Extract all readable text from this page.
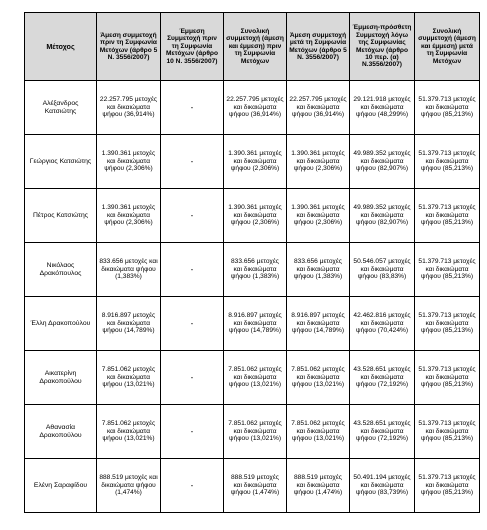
Μέτοχος	Άμεση συμμετοχή πριν τη Συμφωνία Μετόχων (άρθρο 5 Ν. 3556/2007)	Έμμεση Συμμετοχή πριν τη Συμφωνία Μετόχων (άρθρο 10 Ν. 3556/2007)	Συνολική συμμετοχή (άμεση και έμμεση) πριν τη Συμφωνία Μετόχων	Άμεση συμμετοχή μετά τη Συμφωνία Μετόχων (άρθρο 5 Ν. 3556/2007)	Έμμεση-πρόσθετη Συμμετοχή λόγω της Συμφωνίας Μετόχων (άρθρο 10 περ. (α) Ν.3556/2007)	Συνολική συμμετοχή (άμεση και έμμεση) μετά τη Συμφωνία Μετόχων
Αλέξανδρος Κατσιώτης	22.257.795 μετοχές και δικαιώματα ψήφου (36,914%)	-	22.257.795 μετοχές και δικαιώματα ψήφου (36,914%)	22.257.795 μετοχές και δικαιώματα ψήφου (36,914%)	29.121.918 μετοχές και δικαιώματα ψήφου (48,299%)	51.379.713 μετοχές και δικαιώματα ψήφου (85,213%)
Γεώργιος Κατσιώτης	1.390.361 μετοχές και δικαιώματα ψήφου (2,306%)	-	1.390.361 μετοχές και δικαιώματα ψήφου (2,306%)	1.390.361 μετοχές και δικαιώματα ψήφου (2,306%)	49.989.352 μετοχές και δικαιώματα ψήφου (82,907%)	51.379.713 μετοχές και δικαιώματα ψήφου (85,213%)
Πέτρος Κατσιώτης	1.390.361 μετοχές και δικαιώματα ψήφου (2,306%)	-	1.390.361 μετοχές και δικαιώματα ψήφου (2,306%)	1.390.361 μετοχές και δικαιώματα ψήφου (2,306%)	49.989.352 μετοχές και δικαιώματα ψήφου (82,907%)	51.379.713 μετοχές και δικαιώματα ψήφου (85,213%)
Νικόλαος Δρακόπουλος	833.656 μετοχές και δικαιώματα ψήφου (1,383%)	-	833.656 μετοχές και δικαιώματα ψήφου (1,383%)	833.656 μετοχές και δικαιώματα ψήφου (1,383%)	50.546.057 μετοχές και δικαιώματα ψήφου (83,83%)	51.379.713 μετοχές και δικαιώματα ψήφου (85,213%)
Έλλη Δρακοπούλου	8.916.897 μετοχές και δικαιώματα ψήφου (14,789%)	-	8.916.897 μετοχές και δικαιώματα ψήφου (14,789%)	8.916.897 μετοχές και δικαιώματα ψήφου (14,789%)	42.462.816 μετοχές και δικαιώματα ψήφου (70,424%)	51.379.713 μετοχές και δικαιώματα ψήφου (85,213%)
Αικατερίνη Δρακοπούλου	7.851.062 μετοχές και δικαιώματα ψήφου (13,021%)	-	7.851.062 μετοχές και δικαιώματα ψήφου (13,021%)	7.851.062 μετοχές και δικαιώματα ψήφου (13,021%)	43.528.651 μετοχές και δικαιώματα ψήφου (72,192%)	51.379.713 μετοχές και δικαιώματα ψήφου (85,213%)
Αθανασία Δρακοπούλου	7.851.062 μετοχές και δικαιώματα ψήφου (13,021%)	-	7.851.062 μετοχές και δικαιώματα ψήφου (13,021%)	7.851.062 μετοχές και δικαιώματα ψήφου (13,021%)	43.528.651 μετοχές και δικαιώματα ψήφου (72,192%)	51.379.713 μετοχές και δικαιώματα ψήφου (85,213%)
Ελένη Σαραφίδου	888.519 μετοχές και δικαιώματα ψήφου (1,474%)	-	888.519 μετοχές και δικαιώματα ψήφου (1,474%)	888.519 μετοχές και δικαιώματα ψήφου (1,474%)	50.491.194 μετοχές και δικαιώματα ψήφου (83,739%)	51.379.713 μετοχές και δικαιώματα ψήφου (85,213%)
